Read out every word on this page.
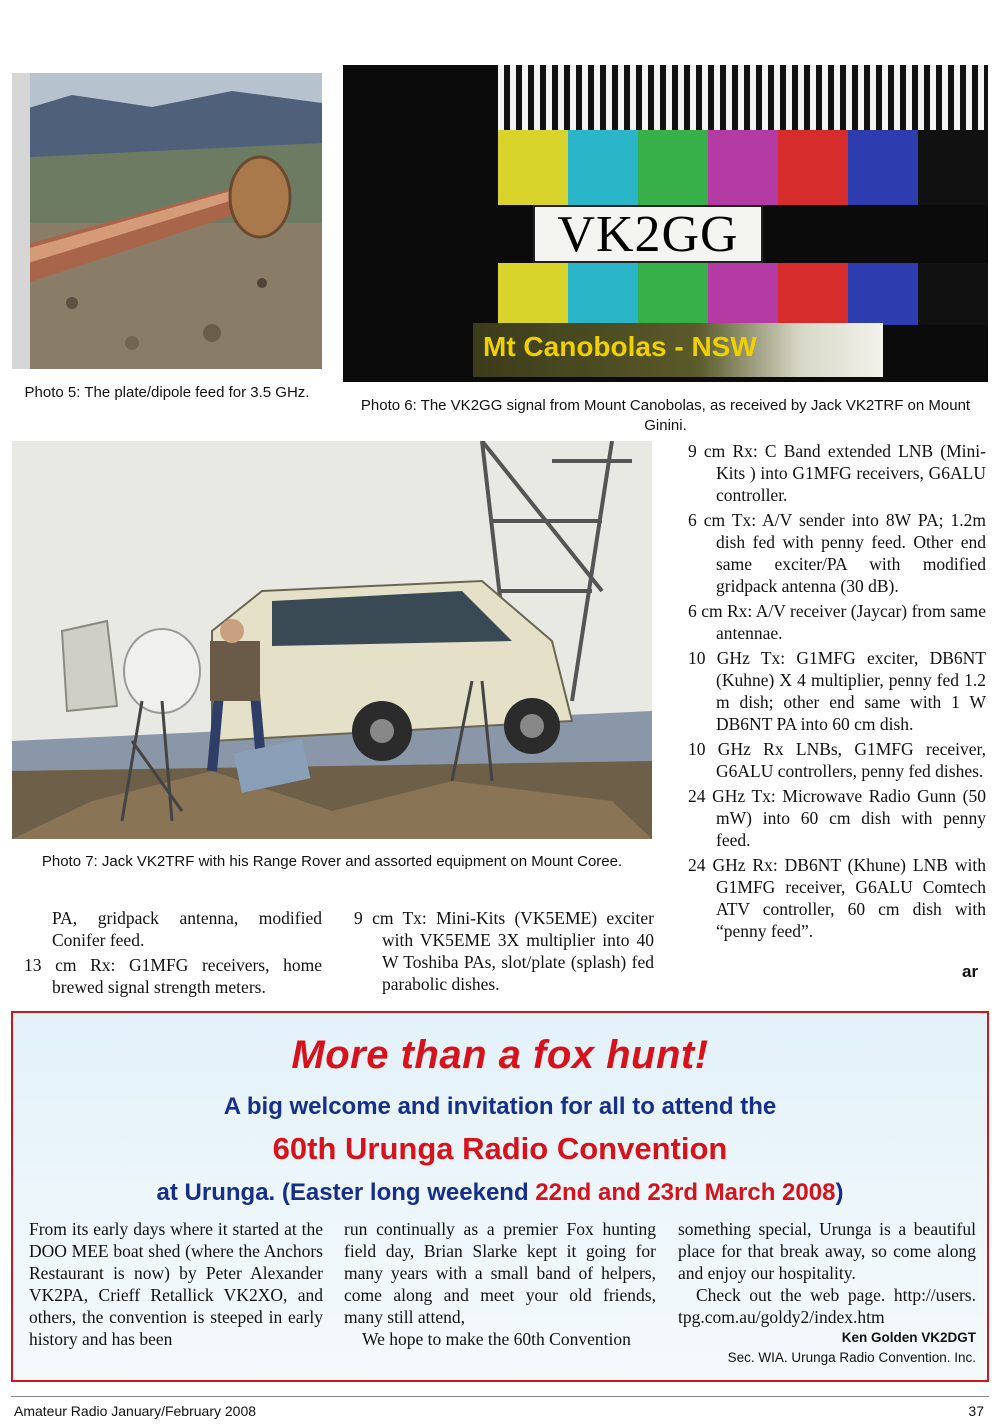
Photo 5: The plate/dipole feed for 3.5 GHz.
VK2GG
Mt Canobolas - NSW
Photo 6: The VK2GG signal from Mount Canobolas, as received by Jack VK2TRF on Mount Ginini.
Photo 7: Jack VK2TRF with his Range Rover and assorted equipment on Mount Coree.

9 cm Rx: C Band extended LNB (Mini-Kits ) into G1MFG receivers, G6ALU controller.

6 cm Tx: A/V sender into 8W PA; 1.2m dish fed with penny feed. Other end same exciter/PA with modified gridpack antenna (30 dB).

6 cm Rx: A/V receiver (Jaycar) from same antennae.

10 GHz Tx: G1MFG exciter, DB6NT (Kuhne) X 4 multiplier, penny fed 1.2 m dish; other end same with 1 W DB6NT PA into 60 cm dish.

10 GHz Rx LNBs, G1MFG receiver, G6ALU controllers, penny fed dishes.

24 GHz Tx: Microwave Radio Gunn (50 mW) into 60 cm dish with penny feed.

24 GHz Rx: DB6NT (Khune) LNB with G1MFG receiver, G6ALU Comtech ATV controller, 60 cm dish with “penny feed”.

PA, gridpack antenna, modified Conifer feed.

13 cm Rx: G1MFG receivers, home brewed signal strength meters.

9 cm Tx: Mini-Kits (VK5EME) exciter with VK5EME 3X multiplier into 40 W Toshiba PAs, slot/plate (splash) fed parabolic dishes.

ar
More than a fox hunt!
A big welcome and invitation for all to attend the
60th Urunga Radio Convention
at Urunga. (Easter long weekend 22nd and 23rd March 2008)

From its early days where it started at the DOO MEE boat shed (where the Anchors Restaurant is now) by Peter Alexander VK2PA, Crieff Retallick VK2XO, and others, the convention is steeped in early history and has been

run continually as a premier Fox hunting field day, Brian Slarke kept it going for many years with a small band of helpers, come along and meet your old friends, many still attend,

We hope to make the 60th Convention

something special, Urunga is a beautiful place for that break away, so come along and enjoy our hospitality.

Check out the web page. http://users. tpg.com.au/goldy2/index.htm

Ken Golden VK2DGT

Sec. WIA. Urunga Radio Convention. Inc.

Amateur Radio January/February 2008	37
